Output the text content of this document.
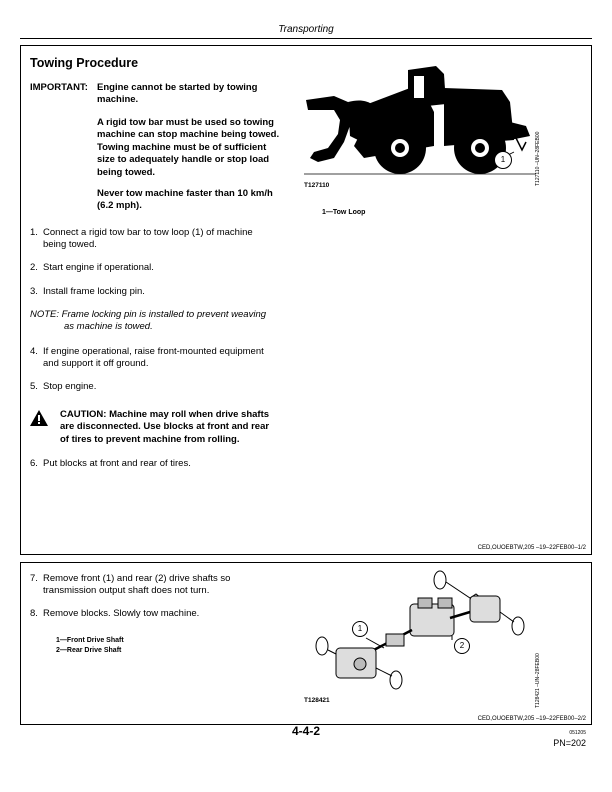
Transporting
Towing Procedure
IMPORTANT: Engine cannot be started by towing
machine.
A rigid tow bar must be used so towing
machine can stop machine being towed.
Towing machine must be of sufficient
size to adequately handle or stop load
being towed.
Never tow machine faster than 10 km/h
(6.2 mph).
1. Connect a rigid tow bar to tow loop (1) of machine
being towed.
2. Start engine if operational.
3. Install frame locking pin.
NOTE: Frame locking pin is installed to prevent weaving
as machine is towed.
4. If engine operational, raise front-mounted equipment
and support it off ground.
5. Stop engine.
CAUTION: Machine may roll when drive shafts
are disconnected. Use blocks at front and rear
of tires to prevent machine from rolling.
6. Put blocks at front and rear of tires.
1
T127110	T127110 –UN–28FEB00
1—Tow Loop
CED,OUOEBTW,205 –19–22FEB00–1/2
7. Remove front (1) and rear (2) drive shafts so
transmission output shaft does not turn.
8. Remove blocks. Slowly tow machine.
1—Front Drive Shaft
2—Rear Drive Shaft
1
2
T128421	T128421 –UN–28FEB00
CED,OUOEBTW,205 –19–22FEB00–2/2
4-4-2	051205
PN=202
